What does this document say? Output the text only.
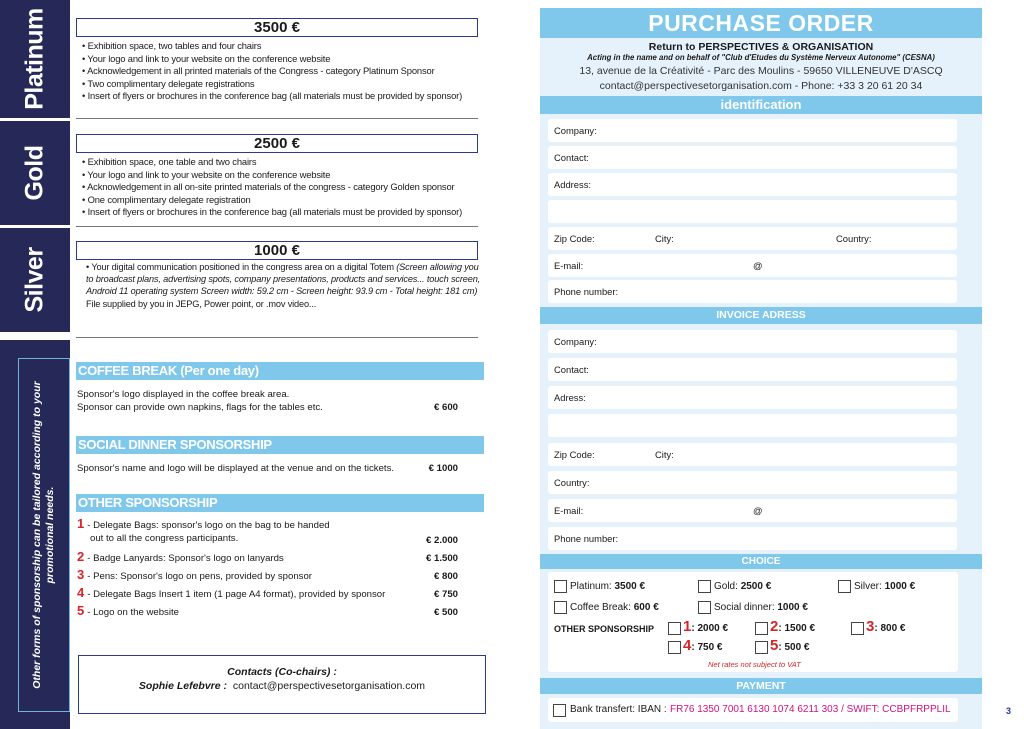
Platinum	3500 €
• Exhibition space, two tables and four chairs
• Your logo and link to your website on the conference website
• Acknowledgement in all printed materials of the Congress - category Platinum Sponsor
• Two complimentary delegate registrations
• Insert of flyers or brochures in the conference bag (all materials must be provided by sponsor)
Gold
2500 €
• Exhibition space, one table and two chairs
• Your logo and link to your website on the conference website
• Acknowledgement in all on-site printed materials of the congress - category Golden sponsor
• One complimentary delegate registration
• Insert of flyers or brochures in the conference bag (all materials must be provided by sponsor)
Silver	1000 €
• Your digital communication positioned in the congress area on a digital Totem (Screen allowing you to broadcast plans, advertising spots, company presentations, products and services... touch screen, Android 11 operating system Screen width: 59.2 cm - Screen height: 93.9 cm - Total height: 181 cm) File supplied by you in JEPG, Power point, or .mov video...
Other forms of sponsorship can be tailored according to your promotional needs.
COFFEE BREAK (Per one day)
Sponsor's logo displayed in the coffee break area.
Sponsor can provide own napkins, flags for the tables etc.	€ 600
SOCIAL DINNER SPONSORSHIP
Sponsor's name and logo will be displayed at the venue and on the tickets.	€ 1000
OTHER SPONSORSHIP
1 - Delegate Bags: sponsor's logo on the bag to be handed
out to all the congress participants.	€ 2.000
2 - Badge Lanyards: Sponsor's logo on lanyards	€ 1.500
3 - Pens: Sponsor's logo on pens, provided by sponsor	€ 800
4 - Delegate Bags Insert 1 item (1 page A4 format), provided by sponsor	€ 750
5 - Logo on the website	€ 500
Contacts (Co-chairs) :
Sophie Lefebvre : contact@perspectivesetorganisation.com
PURCHASE ORDER
Return to PERSPECTIVES & ORGANISATION
Acting in the name and on behalf of "Club d'Etudes du Système Nerveux Autonome" (CESNA)
13, avenue de la Créativité - Parc des Moulins - 59650 VILLENEUVE D'ASCQ
contact@perspectivesetorganisation.com - Phone: +33 3 20 61 20 34
identification
Company:
Contact:
Address:
Zip Code:	City:	Country:
E-mail:	@
Phone number:
INVOICE ADRESS
Company:
Contact:
Adress:
Zip Code:	City:
Country:
E-mail:	@
Phone number:
CHOICE
Platinum: 3500 €	Gold: 2500 €	Silver: 1000 €
Coffee Break: 600 €	Social dinner: 1000 €
OTHER SPONSORSHIP 1: 2000 €	2: 1500 €	3: 800 €
4: 750 €	5: 500 €
Net rates not subject to VAT
PAYMENT
Bank transfert: IBAN : FR76 1350 7001 6130 1074 6211 303 / SWIFT: CCBPFRPPLIL	3
